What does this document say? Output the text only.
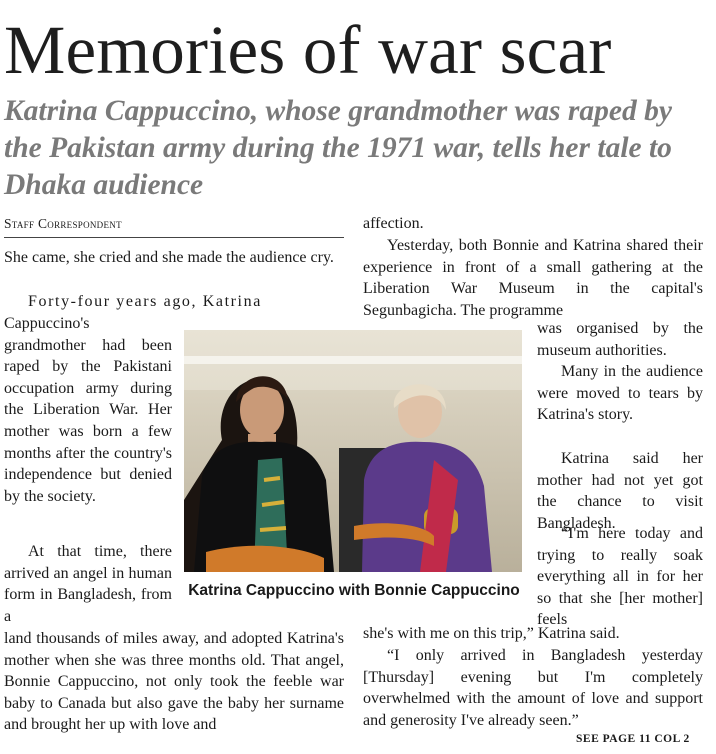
Memories of war scar
Katrina Cappuccino, whose grandmother was raped by the Pakistan army during the 1971 war, tells her tale to Dhaka audience
Staff Correspondent
She came, she cried and she made the audience cry.
Forty-four years ago, Katrina
Cappuccino's grandmother had been raped by the Pakistani occupation army during the Liberation War. Her mother was born a few months after the country's independence but denied by the society.
At that time, there arrived an angel in human form in Bangladesh, from a
land thousands of miles away, and adopted Katrina's mother when she was three months old. That angel, Bonnie Cappuccino, not only took the feeble war baby to Canada but also gave the baby her surname and brought her up with love and
affection.
Yesterday, both Bonnie and Katrina shared their experience in front of a small gathering at the Liberation War Museum in the capital's Segunbagicha. The programme
was organised by the museum authorities.
Many in the audience were moved to tears by Katrina's story.
Katrina said her mother had not yet got the chance to visit Bangladesh.
“I'm here today and trying to really soak everything all in for her so that she [her mother] feels
she's with me on this trip,” Katrina said.
“I only arrived in Bangladesh yesterday [Thursday] evening but I'm completely overwhelmed with the amount of love and support and generosity I've already seen.”
Katrina Cappuccino with Bonnie Cappuccino
SEE PAGE 11 COL 2
